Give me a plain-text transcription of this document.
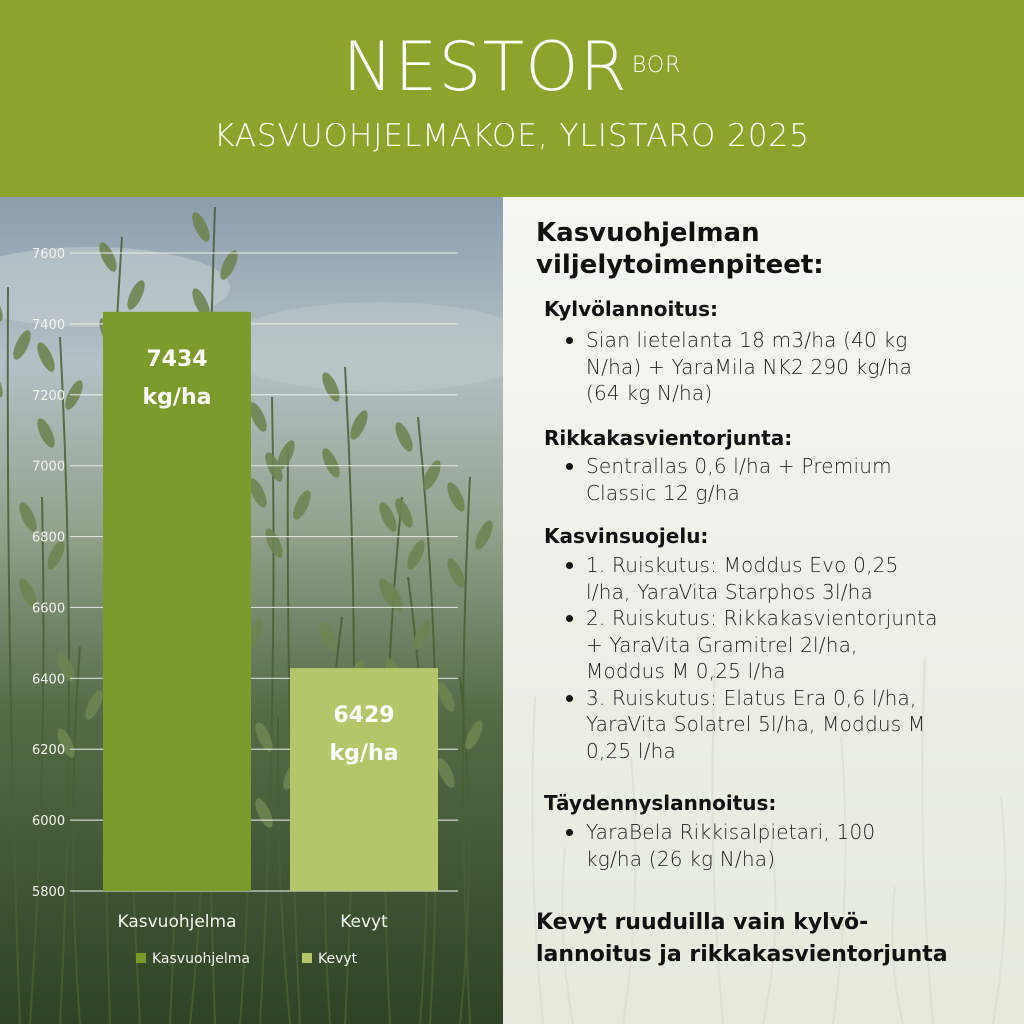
NESTOR $^{BOR}$
KASVUOHJELMAKOE, YLISTARO 2025
5800
6000
6200
6400
6600
6800
7000
7200
7400
7600
7434
kg/ha
Kasvuohjelma
6429
kg/ha
Kevyt
Kasvuohjelma	Kevyt
Kasvuohjelman
viljelytoimenpiteet:
Kylvölannoitus:
Sian lietelanta 18 m3/ha (40 kg
N/ha) + YaraMila NK2 290 kg/ha
(64 kg N/ha)
Rikkakasvientorjunta:
Sentrallas 0,6 l/ha + Premium
Classic 12 g/ha
Kasvinsuojelu:
1. Ruiskutus: Moddus Evo 0,25
l/ha, YaraVita Starphos 3l/ha
2. Ruiskutus: Rikkakasvientorjunta
+ YaraVita Gramitrel 2l/ha,
Moddus M 0,25 l/ha
3. Ruiskutus: Elatus Era 0,6 l/ha,
YaraVita Solatrel 5l/ha, Moddus M
0,25 l/ha
Täydennyslannoitus:
YaraBela Rikkisalpietari, 100
kg/ha (26 kg N/ha)
Kevyt ruuduilla vain kylvö-
lannoitus ja rikkakasvientorjunta
